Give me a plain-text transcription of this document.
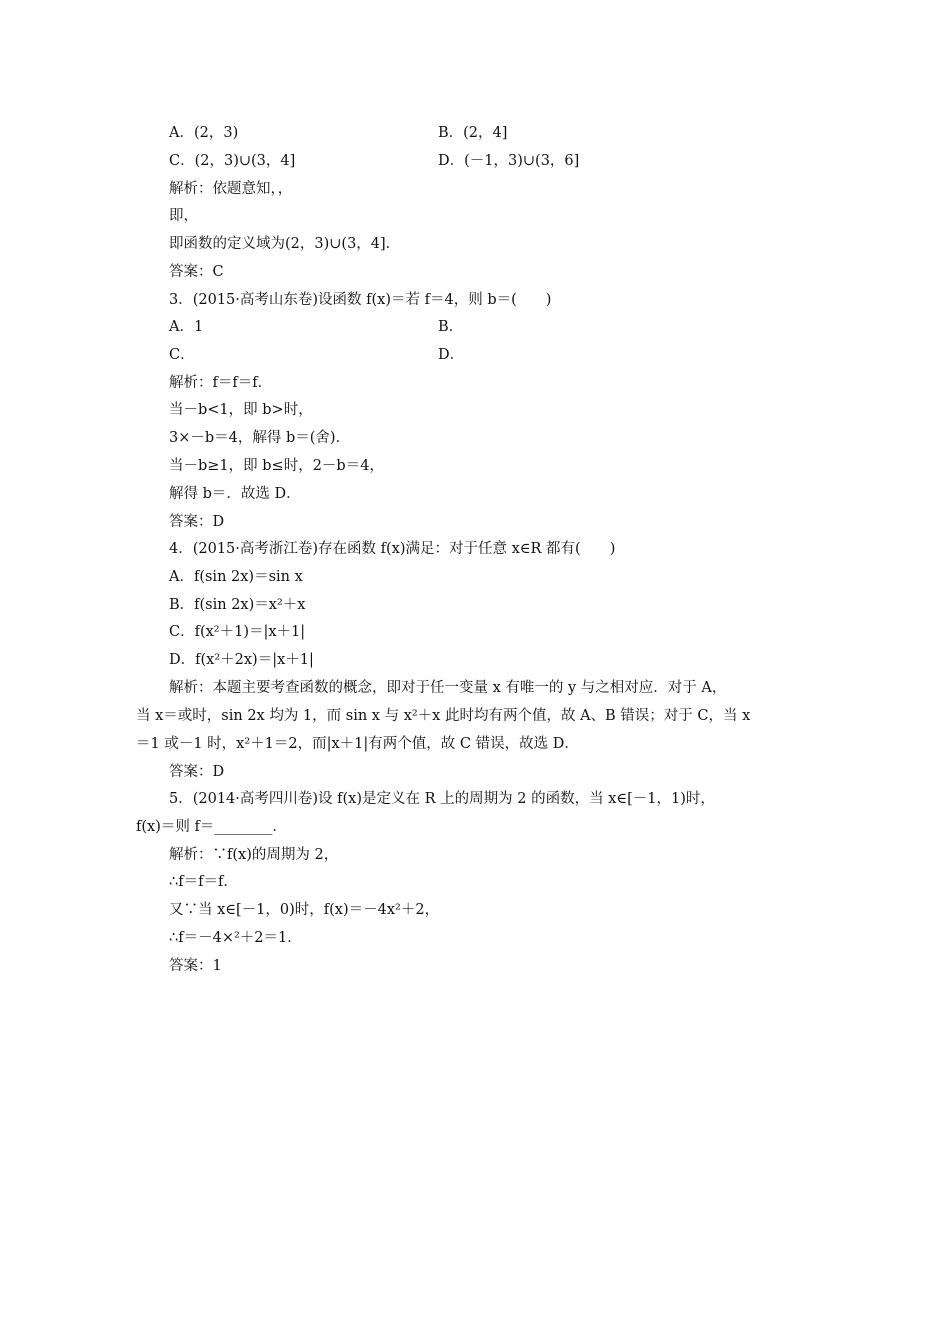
A．(2，3)	B．(2，4]
C．(2，3)∪(3，4]	D．(－1，3)∪(3，6]
解析：依题意知，，
即，
即函数的定义域为(2，3)∪(3，4]．
答案：C
3．(2015·高考山东卷)设函数 f(x)＝若 f＝4，则 b＝(　　)
A．1	B．
C．	D．
解析：f＝f＝f．
当－b<1，即 b>时，
3×－b＝4，解得 b＝(舍)．
当－b≥1，即 b≤时，2－b＝4，
解得 b＝．故选 D．
答案：D
4．(2015·高考浙江卷)存在函数 f(x)满足：对于任意 x∈R 都有(　　)
A．f(sin 2x)＝sin x
B．f(sin 2x)＝x²＋x
C．f(x²＋1)＝|x＋1|
D．f(x²＋2x)＝|x＋1|
解析：本题主要考查函数的概念，即对于任一变量 x 有唯一的 y 与之相对应．对于 A，
当 x＝或时，sin 2x 均为 1，而 sin x 与 x²＋x 此时均有两个值，故 A、B 错误；对于 C，当 x
＝1 或－1 时，x²＋1＝2，而|x＋1|有两个值，故 C 错误，故选 D．
答案：D
5．(2014·高考四川卷)设 f(x)是定义在 R 上的周期为 2 的函数，当 x∈[－1，1)时，
f(x)＝则 f＝________．
解析：∵f(x)的周期为 2，
∴f＝f＝f．
又∵当 x∈[－1，0)时，f(x)＝－4x²＋2，
∴f＝－4×²＋2＝1．
答案：1
